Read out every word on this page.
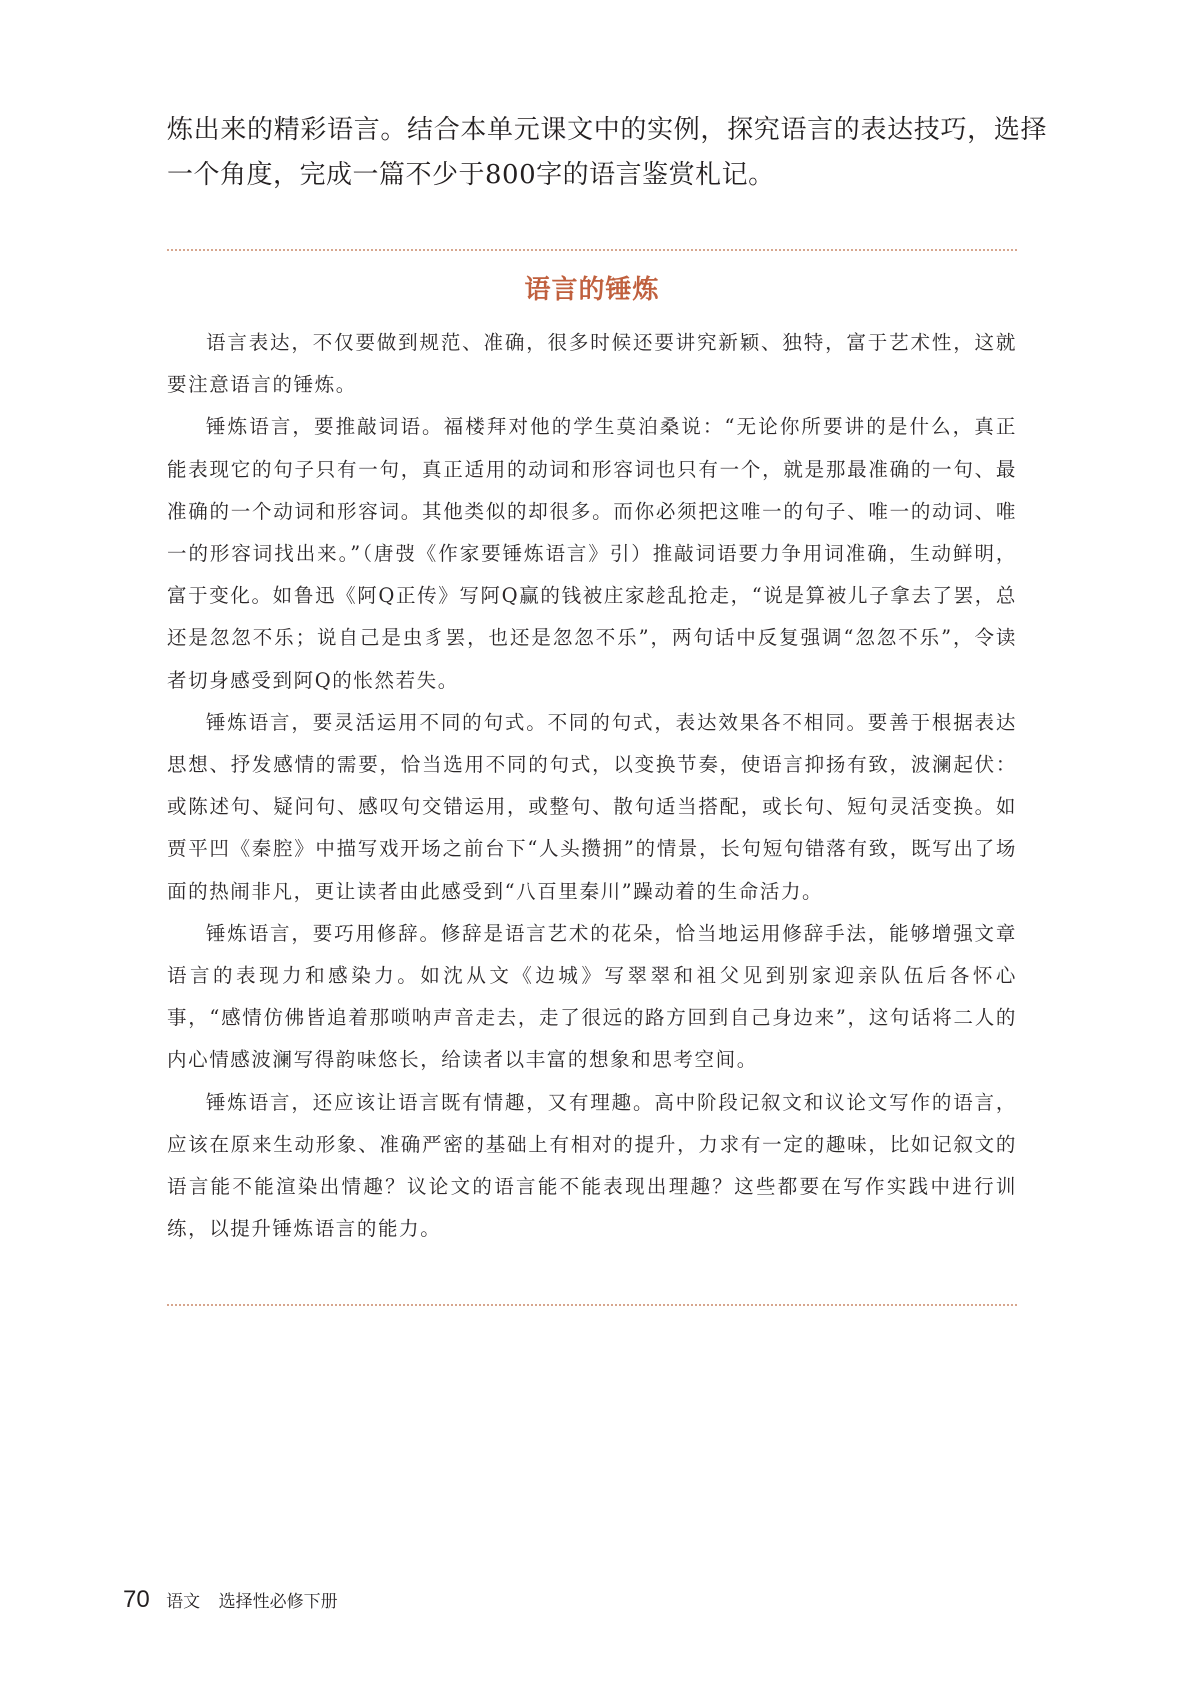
炼出来的精彩语言。结合本单元课文中的实例，探究语言的表达技巧，选择一个角度，完成一篇不少于800字的语言鉴赏札记。

语言的锤炼

语言表达，不仅要做到规范、准确，很多时候还要讲究新颖、独特，富于艺术性，这就要注意语言的锤炼。

锤炼语言，要推敲词语。福楼拜对他的学生莫泊桑说：“无论你所要讲的是什么，真正能表现它的句子只有一句，真正适用的动词和形容词也只有一个，就是那最准确的一句、最准确的一个动词和形容词。其他类似的却很多。而你必须把这唯一的句子、唯一的动词、唯一的形容词找出来。”（唐弢《作家要锤炼语言》引）推敲词语要力争用词准确，生动鲜明，富于变化。如鲁迅《阿Q正传》写阿Q赢的钱被庄家趁乱抢走，“说是算被儿子拿去了罢，总还是忽忽不乐；说自己是虫豸罢，也还是忽忽不乐”，两句话中反复强调“忽忽不乐”，令读者切身感受到阿Q的怅然若失。

锤炼语言，要灵活运用不同的句式。不同的句式，表达效果各不相同。要善于根据表达思想、抒发感情的需要，恰当选用不同的句式，以变换节奏，使语言抑扬有致，波澜起伏：或陈述句、疑问句、感叹句交错运用，或整句、散句适当搭配，或长句、短句灵活变换。如贾平凹《秦腔》中描写戏开场之前台下“人头攒拥”的情景，长句短句错落有致，既写出了场面的热闹非凡，更让读者由此感受到“八百里秦川”躁动着的生命活力。

锤炼语言，要巧用修辞。修辞是语言艺术的花朵，恰当地运用修辞手法，能够增强文章语言的表现力和感染力。如沈从文《边城》写翠翠和祖父见到别家迎亲队伍后各怀心事，“感情仿佛皆追着那唢呐声音走去，走了很远的路方回到自己身边来”，这句话将二人的内心情感波澜写得韵味悠长，给读者以丰富的想象和思考空间。

锤炼语言，还应该让语言既有情趣，又有理趣。高中阶段记叙文和议论文写作的语言，应该在原来生动形象、准确严密的基础上有相对的提升，力求有一定的趣味，比如记叙文的语言能不能渲染出情趣？议论文的语言能不能表现出理趣？这些都要在写作实践中进行训练，以提升锤炼语言的能力。

70 语文 选择性必修下册
